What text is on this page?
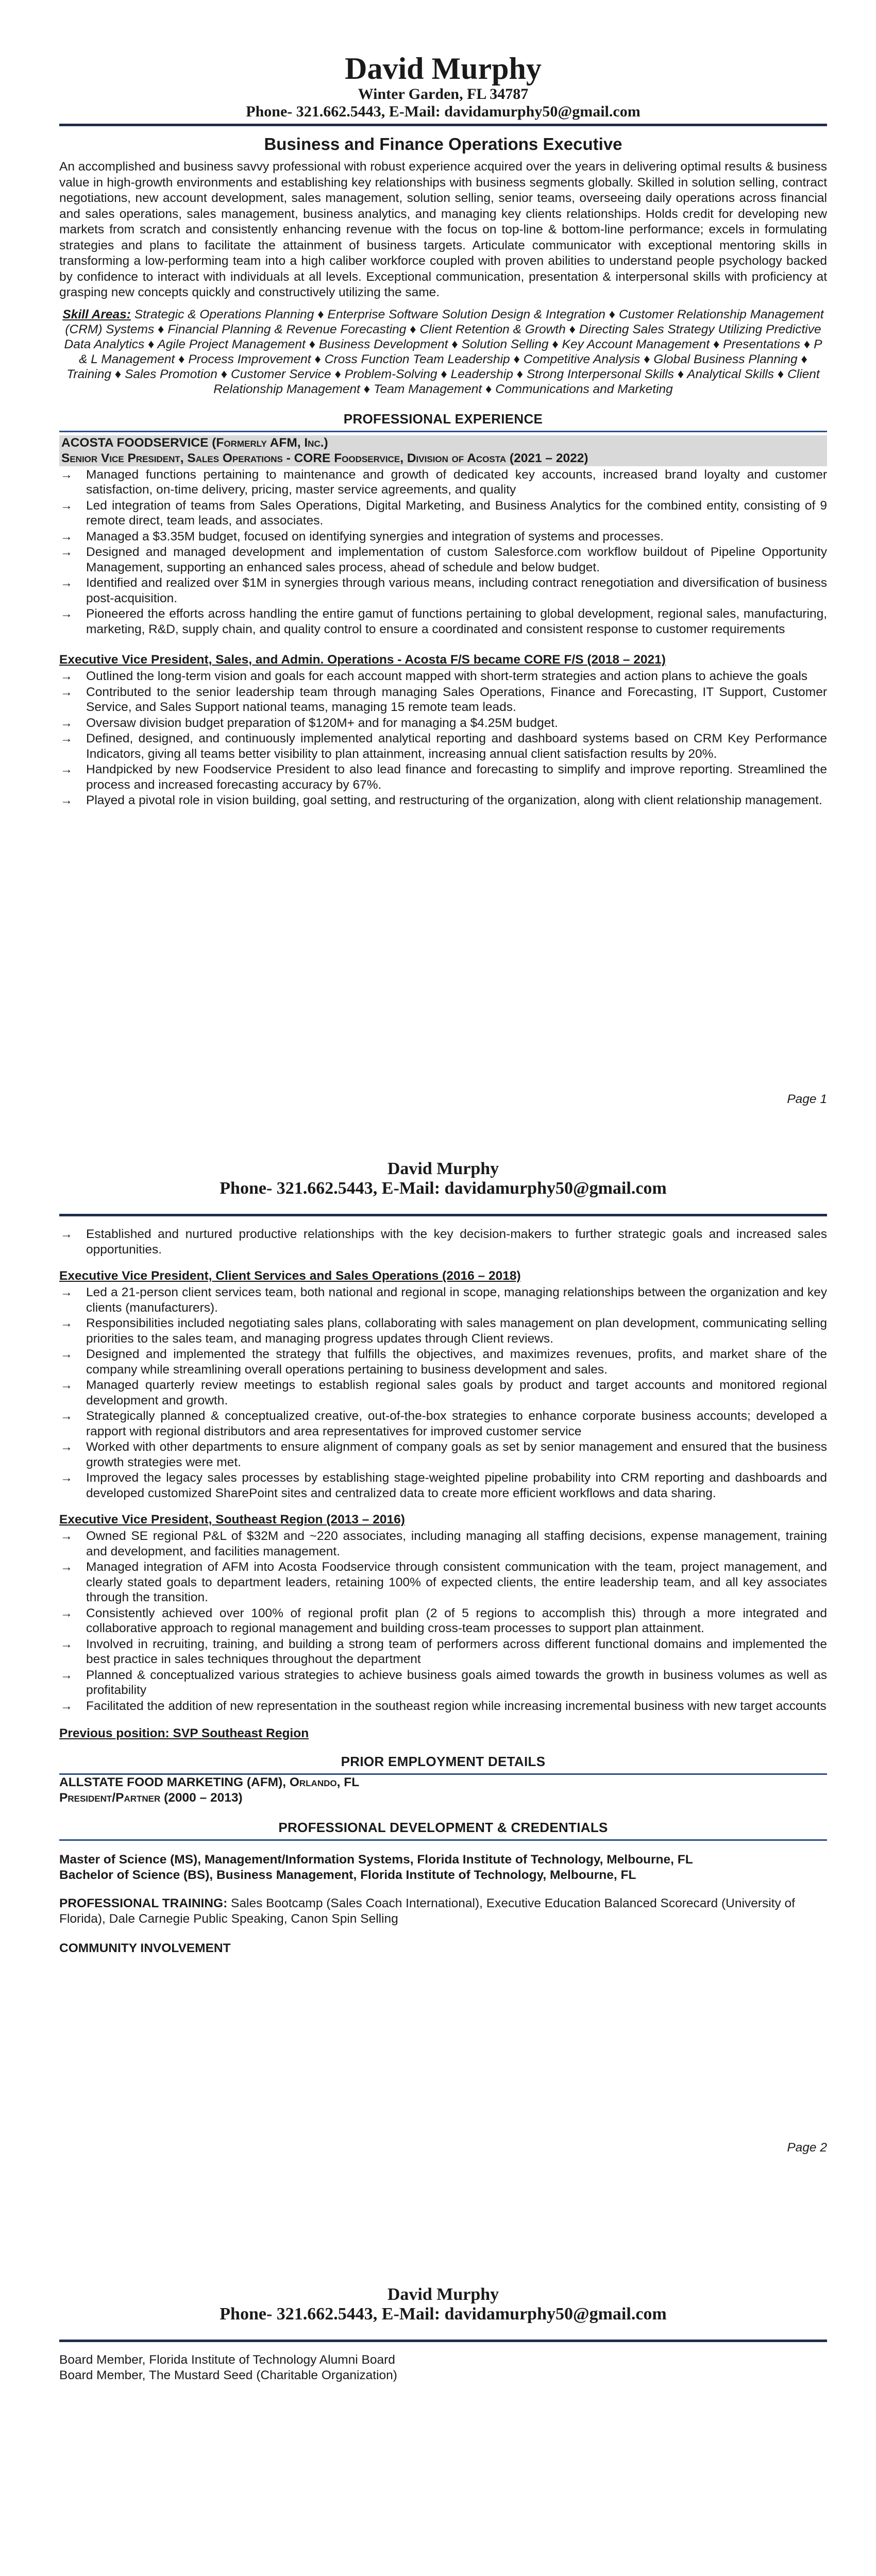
David Murphy
Winter Garden, FL 34787
Phone- 321.662.5443, E-Mail: davidamurphy50@gmail.com
Business and Finance Operations Executive
An accomplished and business savvy professional with robust experience acquired over the years in delivering optimal results & business value in high-growth environments and establishing key relationships with business segments globally. Skilled in solution selling, contract negotiations, new account development, sales management, solution selling, senior teams, overseeing daily operations across financial and sales operations, sales management, business analytics, and managing key clients relationships. Holds credit for developing new markets from scratch and consistently enhancing revenue with the focus on top-line & bottom-line performance; excels in formulating strategies and plans to facilitate the attainment of business targets. Articulate communicator with exceptional mentoring skills in transforming a low-performing team into a high caliber workforce coupled with proven abilities to understand people psychology backed by confidence to interact with individuals at all levels. Exceptional communication, presentation & interpersonal skills with proficiency at grasping new concepts quickly and constructively utilizing the same.
Skill Areas: Strategic & Operations Planning ♦ Enterprise Software Solution Design & Integration ♦ Customer Relationship Management (CRM) Systems ♦ Financial Planning & Revenue Forecasting ♦ Client Retention & Growth ♦ Directing Sales Strategy Utilizing Predictive Data Analytics ♦ Agile Project Management ♦ Business Development ♦ Solution Selling ♦ Key Account Management ♦ Presentations ♦ P & L Management ♦ Process Improvement ♦ Cross Function Team Leadership ♦ Competitive Analysis ♦ Global Business Planning ♦ Training ♦ Sales Promotion ♦ Customer Service ♦ Problem-Solving ♦ Leadership ♦ Strong Interpersonal Skills ♦ Analytical Skills ♦ Client Relationship Management ♦ Team Management ♦ Communications and Marketing
PROFESSIONAL EXPERIENCE
ACOSTA FOODSERVICE (Formerly AFM, Inc.)
Senior Vice President, Sales Operations - CORE Foodservice, Division of Acosta (2021 – 2022)
→ Managed functions pertaining to maintenance and growth of dedicated key accounts, increased brand loyalty and customer satisfaction, on-time delivery, pricing, master service agreements, and quality
→ Led integration of teams from Sales Operations, Digital Marketing, and Business Analytics for the combined entity, consisting of 9 remote direct, team leads, and associates.
→ Managed a $3.35M budget, focused on identifying synergies and integration of systems and processes.
→ Designed and managed development and implementation of custom Salesforce.com workflow buildout of Pipeline Opportunity Management, supporting an enhanced sales process, ahead of schedule and below budget.
→ Identified and realized over $1M in synergies through various means, including contract renegotiation and diversification of business post-acquisition.
→ Pioneered the efforts across handling the entire gamut of functions pertaining to global development, regional sales, manufacturing, marketing, R&D, supply chain, and quality control to ensure a coordinated and consistent response to customer requirements
Executive Vice President, Sales, and Admin. Operations - Acosta F/S became CORE F/S (2018 – 2021)
→ Outlined the long-term vision and goals for each account mapped with short-term strategies and action plans to achieve the goals
→ Contributed to the senior leadership team through managing Sales Operations, Finance and Forecasting, IT Support, Customer Service, and Sales Support national teams, managing 15 remote team leads.
→ Oversaw division budget preparation of $120M+ and for managing a $4.25M budget.
→ Defined, designed, and continuously implemented analytical reporting and dashboard systems based on CRM Key Performance Indicators, giving all teams better visibility to plan attainment, increasing annual client satisfaction results by 20%.
→ Handpicked by new Foodservice President to also lead finance and forecasting to simplify and improve reporting. Streamlined the process and increased forecasting accuracy by 67%.
→ Played a pivotal role in vision building, goal setting, and restructuring of the organization, along with client relationship management.
Page 1
David Murphy
Phone- 321.662.5443, E-Mail: davidamurphy50@gmail.com
→ Established and nurtured productive relationships with the key decision-makers to further strategic goals and increased sales opportunities.
Executive Vice President, Client Services and Sales Operations (2016 – 2018)
→ Led a 21-person client services team, both national and regional in scope, managing relationships between the organization and key clients (manufacturers).
→ Responsibilities included negotiating sales plans, collaborating with sales management on plan development, communicating selling priorities to the sales team, and managing progress updates through Client reviews.
→ Designed and implemented the strategy that fulfills the objectives, and maximizes revenues, profits, and market share of the company while streamlining overall operations pertaining to business development and sales.
→ Managed quarterly review meetings to establish regional sales goals by product and target accounts and monitored regional development and growth.
→ Strategically planned & conceptualized creative, out-of-the-box strategies to enhance corporate business accounts; developed a rapport with regional distributors and area representatives for improved customer service
→ Worked with other departments to ensure alignment of company goals as set by senior management and ensured that the business growth strategies were met.
→ Improved the legacy sales processes by establishing stage-weighted pipeline probability into CRM reporting and dashboards and developed customized SharePoint sites and centralized data to create more efficient workflows and data sharing.
Executive Vice President, Southeast Region (2013 – 2016)
→ Owned SE regional P&L of $32M and ~220 associates, including managing all staffing decisions, expense management, training and development, and facilities management.
→ Managed integration of AFM into Acosta Foodservice through consistent communication with the team, project management, and clearly stated goals to department leaders, retaining 100% of expected clients, the entire leadership team, and all key associates through the transition.
→ Consistently achieved over 100% of regional profit plan (2 of 5 regions to accomplish this) through a more integrated and collaborative approach to regional management and building cross-team processes to support plan attainment.
→ Involved in recruiting, training, and building a strong team of performers across different functional domains and implemented the best practice in sales techniques throughout the department
→ Planned & conceptualized various strategies to achieve business goals aimed towards the growth in business volumes as well as profitability
→ Facilitated the addition of new representation in the southeast region while increasing incremental business with new target accounts
Previous position: SVP Southeast Region
PRIOR EMPLOYMENT DETAILS
ALLSTATE FOOD MARKETING (AFM), Orlando, FL
President/Partner (2000 – 2013)
PROFESSIONAL DEVELOPMENT & CREDENTIALS
Master of Science (MS), Management/Information Systems, Florida Institute of Technology, Melbourne, FL
Bachelor of Science (BS), Business Management, Florida Institute of Technology, Melbourne, FL
PROFESSIONAL TRAINING: Sales Bootcamp (Sales Coach International), Executive Education Balanced Scorecard (University of Florida), Dale Carnegie Public Speaking, Canon Spin Selling
COMMUNITY INVOLVEMENT
Page 2
David Murphy
Phone- 321.662.5443, E-Mail: davidamurphy50@gmail.com
Board Member, Florida Institute of Technology Alumni Board
Board Member, The Mustard Seed (Charitable Organization)
